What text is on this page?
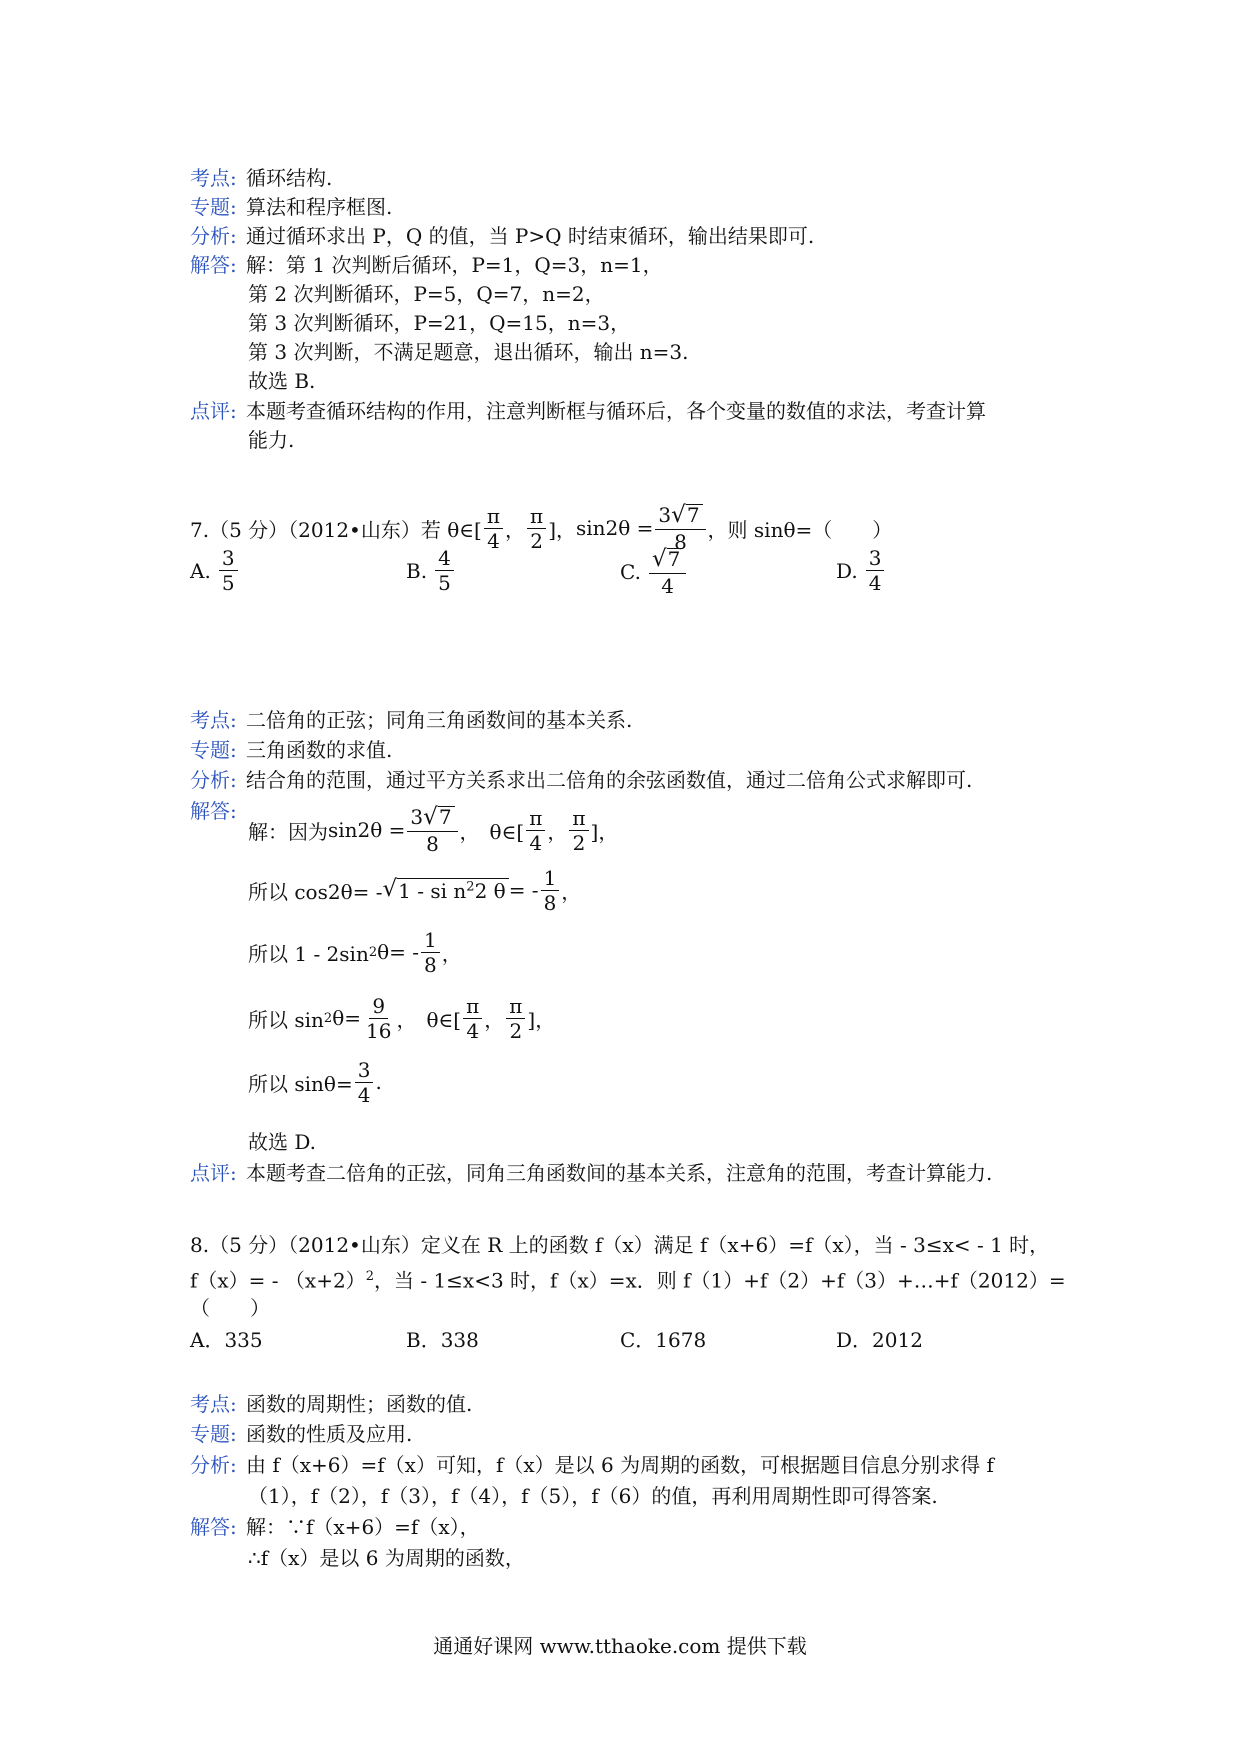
考点: 循环结构.
专题: 算法和程序框图.
分析: 通过循环求出 P，Q 的值，当 P>Q 时结束循环，输出结果即可.
解答: 解：第 1 次判断后循环，P=1，Q=3，n=1，
第 2 次判断循环，P=5，Q=7，n=2，
第 3 次判断循环，P=21，Q=15，n=3，
第 3 次判断，不满足题意，退出循环，输出 n=3.
故选 B.
点评: 本题考查循环结构的作用，注意判断框与循环后，各个变量的数值的求法，考查计算
能力.
7.（5 分）（2012•山东）若 θ∈[ $\frac{\pi}{4}$ ， $\frac{\pi}{2}$ ]， $\sin 2\theta = \frac{3 √ 7}{8}$ ，则 sinθ=（　　）
A. $\frac{3}{5}$	B. $\frac{4}{5}$	C. $\frac{√ 7}{4}$	D. $\frac{3}{4}$
考点: 二倍角的正弦；同角三角函数间的基本关系.
专题: 三角函数的求值.
分析: 结合角的范围，通过平方关系求出二倍角的余弦函数值，通过二倍角公式求解即可.
解答:
解：因为 $\sin 2\theta = \frac{3 √ 7}{8}$ ，　θ∈[ $\frac{\pi}{4}$ ， $\frac{\pi}{2}$ ]，
所以 cos2θ= - √ 1 - si $n^22$ θ = - $\frac{1}{8}$ ，
所以 1 - 2sin 2 $\theta= - \frac{1}{8}$ ，
所以 sin 2 $\theta= \frac{9}{16}$ ，　θ∈[ $\frac{\pi}{4}$ ， $\frac{\pi}{2}$ ]，
所以 $\sin\theta= \frac{3}{4}$ .
故选 D.
点评: 本题考查二倍角的正弦，同角三角函数间的基本关系，注意角的范围，考查计算能力.
8.（5 分）（2012•山东）定义在 R 上的函数 f（x）满足 f（x+6）=f（x），当 - 3≤x< - 1 时，
$f(x)= - (x+2)^2$，当 - 1≤x<3 时，f（x）=x．则 f（1）+f（2）+f（3）+…+f（2012）=
（　　）
A．335	B．338	C．1678	D．2012
考点: 函数的周期性；函数的值.
专题: 函数的性质及应用.
分析: 由 f（x+6）=f（x）可知，f（x）是以 6 为周期的函数，可根据题目信息分别求得 f
（1），f（2），f（3），f（4），f（5），f（6）的值，再利用周期性即可得答案.
解答: 解：∵f（x+6）=f（x），
∴f（x）是以 6 为周期的函数，
通通好课网 www.tthaoke.com 提供下载
